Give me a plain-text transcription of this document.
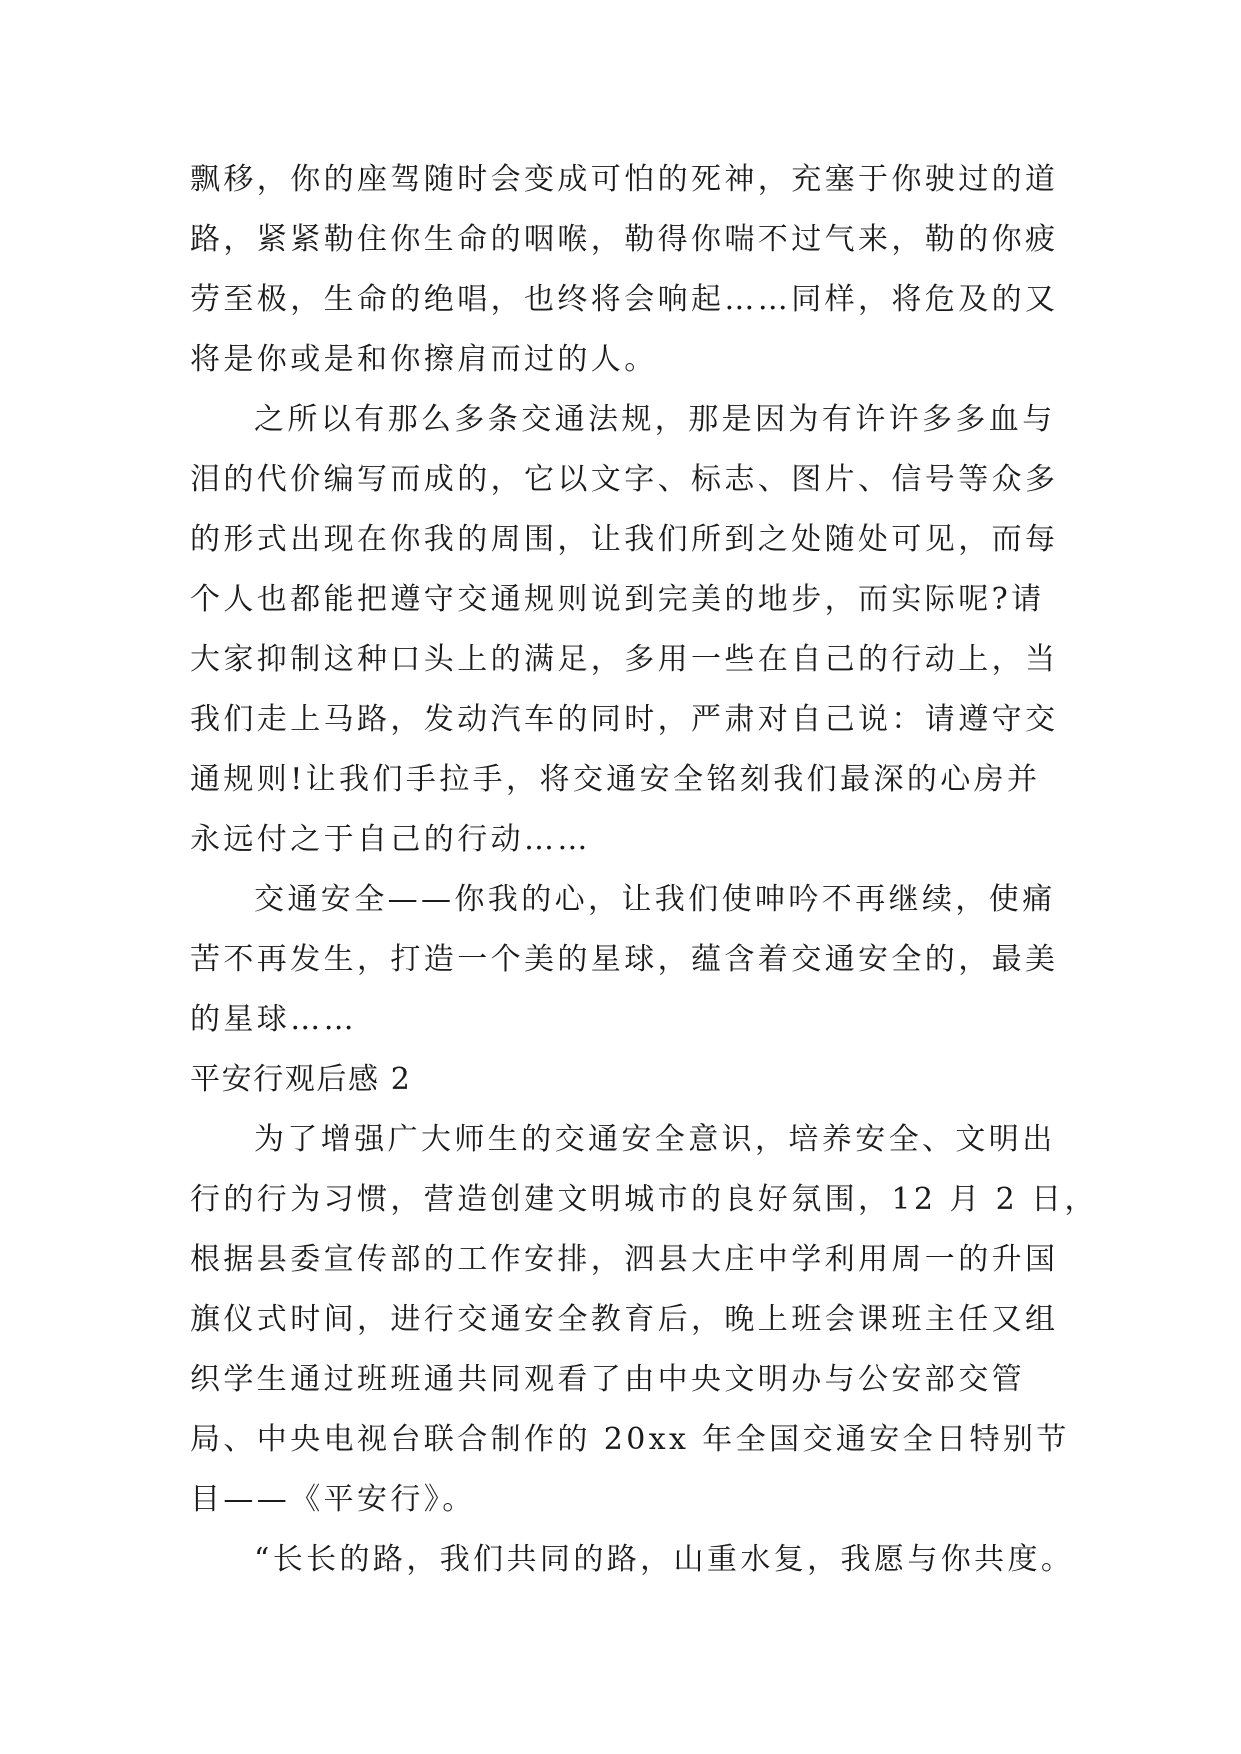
飘移，你的座驾随时会变成可怕的死神，充塞于你驶过的道
路，紧紧勒住你生命的咽喉，勒得你喘不过气来，勒的你疲
劳至极，生命的绝唱，也终将会响起……同样，将危及的又
将是你或是和你擦肩而过的人。
之所以有那么多条交通法规，那是因为有许许多多血与
泪的代价编写而成的，它以文字、标志、图片、信号等众多
的形式出现在你我的周围，让我们所到之处随处可见，而每
个人也都能把遵守交通规则说到完美的地步，而实际呢?请
大家抑制这种口头上的满足，多用一些在自己的行动上，当
我们走上马路，发动汽车的同时，严肃对自己说：请遵守交
通规则!让我们手拉手，将交通安全铭刻我们最深的心房并
永远付之于自己的行动……
交通安全——你我的心，让我们使呻吟不再继续，使痛
苦不再发生，打造一个美的星球，蕴含着交通安全的，最美
的星球……
平安行观后感 2
为了增强广大师生的交通安全意识，培养安全、文明出
行的行为习惯，营造创建文明城市的良好氛围，12 月 2 日，
根据县委宣传部的工作安排，泗县大庄中学利用周一的升国
旗仪式时间，进行交通安全教育后，晚上班会课班主任又组
织学生通过班班通共同观看了由中央文明办与公安部交管
局、中央电视台联合制作的 20xx 年全国交通安全日特别节
目——《平安行》。
“长长的路，我们共同的路，山重水复，我愿与你共度。
